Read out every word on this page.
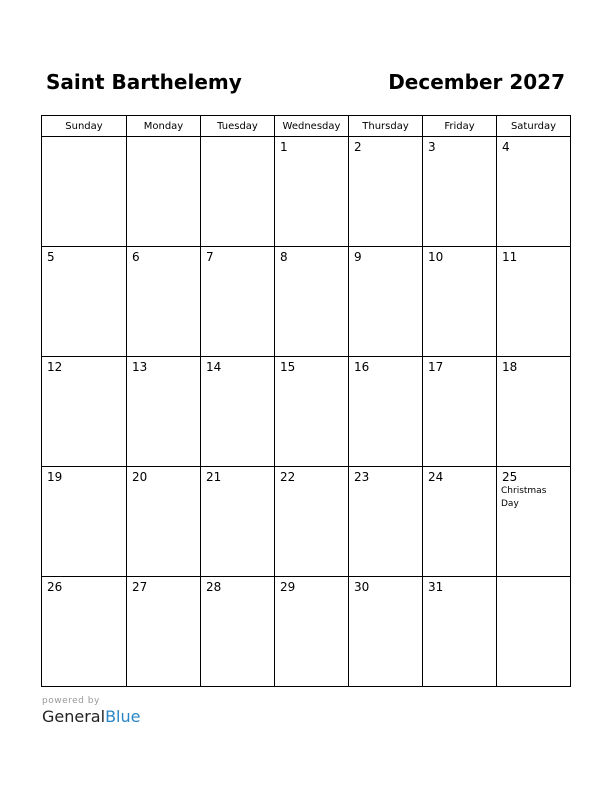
Saint Barthelemy	December 2027
Sunday	Monday	Tuesday	Wednesday	Thursday	Friday	Saturday

			1	2	3	4

5	6	7	8	9	10	11

12	13	14	15	16	17	18

19	20	21	22	23	24	25
Christmas Day

26	27	28	29	30	31	

powered by
GeneralBlue
